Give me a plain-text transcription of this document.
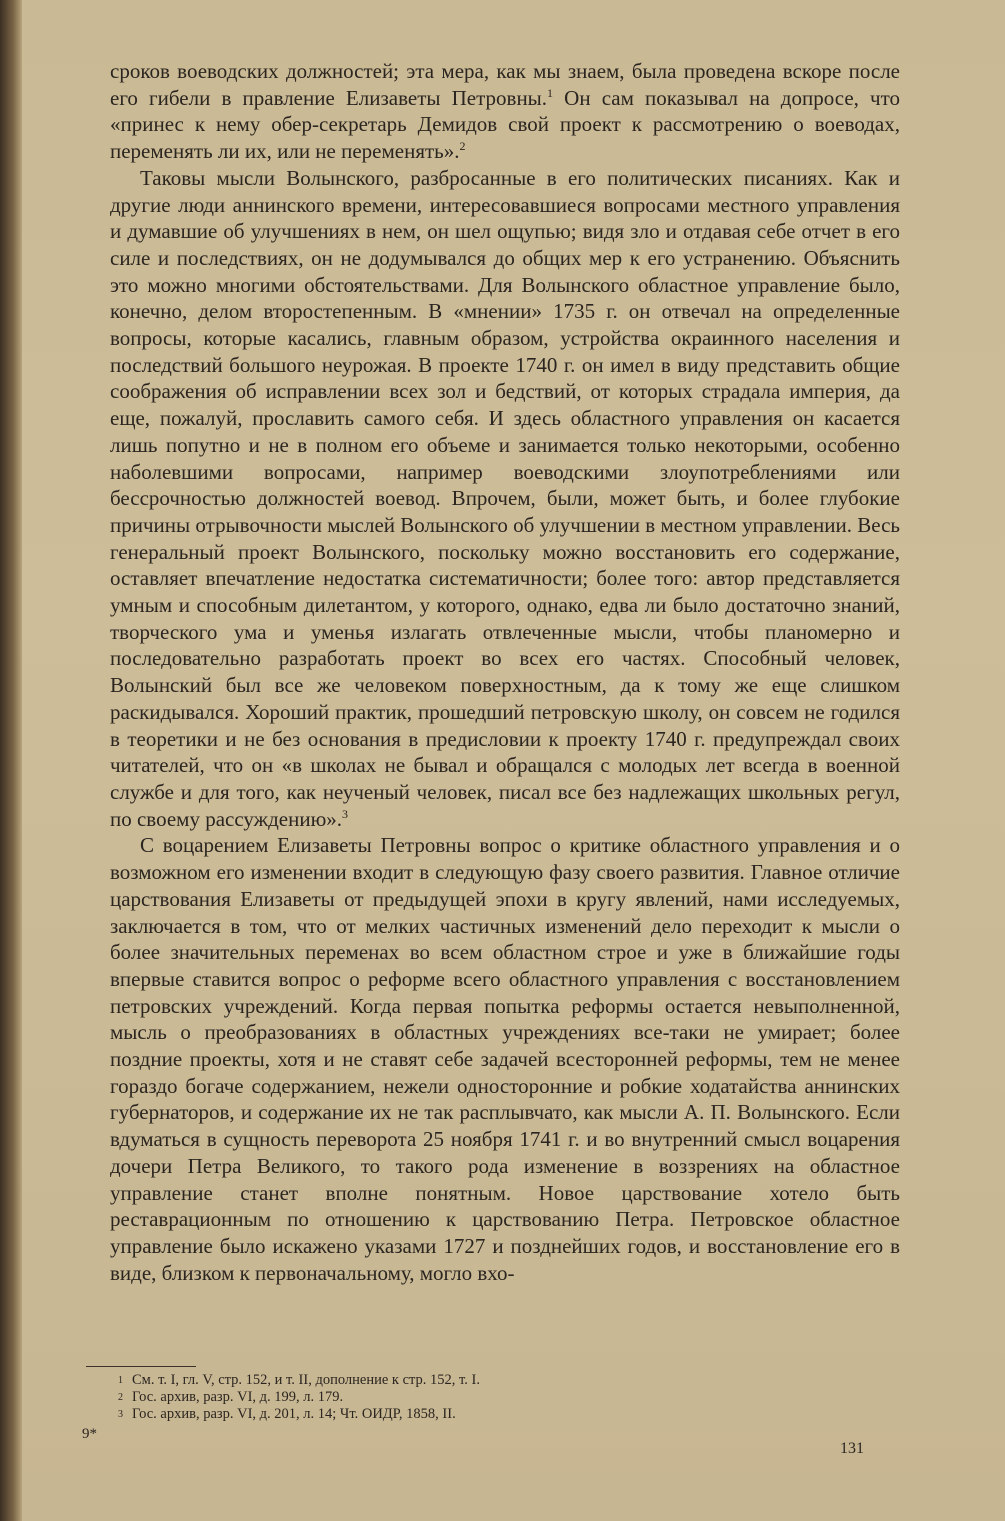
сроков воеводских должностей; эта мера, как мы знаем, была проведена вскоре после его гибели в правление Елизаветы Петровны.$^1$ Он сам показывал на допросе, что «принес к нему обер-секретарь Демидов свой проект к рассмотрению о воеводах, переменять ли их, или не переменять».$^2$

Таковы мысли Волынского, разбросанные в его политических писаниях. Как и другие люди аннинского времени, интересовавшиеся вопросами местного управления и думавшие об улучшениях в нем, он шел ощупью; видя зло и отдавая себе отчет в его силе и последствиях, он не додумывался до общих мер к его устранению. Объяснить это можно многими обстоятельствами. Для Волынского областное управление было, конечно, делом второстепенным. В «мнении» 1735 г. он отвечал на определенные вопросы, которые касались, главным образом, устройства окраинного населения и последствий большого неурожая. В проекте 1740 г. он имел в виду представить общие соображения об исправлении всех зол и бедствий, от которых страдала империя, да еще, пожалуй, прославить самого себя. И здесь областного управления он касается лишь попутно и не в полном его объеме и занимается только некоторыми, особенно наболевшими вопросами, например воеводскими злоупотреблениями или бессрочностью должностей воевод. Впрочем, были, может быть, и более глубокие причины отрывочности мыслей Волынского об улучшении в местном управлении. Весь генеральный проект Волынского, поскольку можно восстановить его содержание, оставляет впечатление недостатка систематичности; более того: автор представляется умным и способным дилетантом, у которого, однако, едва ли было достаточно знаний, творческого ума и уменья излагать отвлеченные мысли, чтобы планомерно и последовательно разработать проект во всех его частях. Способный человек, Волынский был все же человеком поверхностным, да к тому же еще слишком раскидывался. Хороший практик, прошедший петровскую школу, он совсем не годился в теоретики и не без основания в предисловии к проекту 1740 г. предупреждал своих читателей, что он «в школах не бывал и обращался с молодых лет всегда в военной службе и для того, как неученый человек, писал все без надлежащих школьных регул, по своему рассуждению».$^3$

С воцарением Елизаветы Петровны вопрос о критике областного управления и о возможном его изменении входит в следующую фазу своего развития. Главное отличие царствования Елизаветы от предыдущей эпохи в кругу явлений, нами исследуемых, заключается в том, что от мелких частичных изменений дело переходит к мысли о более значительных переменах во всем областном строе и уже в ближайшие годы впервые ставится вопрос о реформе всего областного управления с восстановлением петровских учреждений. Когда первая попытка реформы остается невыполненной, мысль о преобразованиях в областных учреждениях все-таки не умирает; более поздние проекты, хотя и не ставят себе задачей всесторонней реформы, тем не менее гораздо богаче содержанием, нежели односторонние и робкие ходатайства аннинских губернаторов, и содержание их не так расплывчато, как мысли А. П. Волынского. Если вдуматься в сущность переворота 25 ноября 1741 г. и во внутренний смысл воцарения дочери Петра Великого, то такого рода изменение в воззрениях на областное управление станет вполне понятным. Новое царствование хотело быть реставрационным по отношению к царствованию Петра. Петровское областное управление было искажено указами 1727 и позднейших годов, и восстановление его в виде, близком к первоначальному, могло вхо-

1 См. т. I, гл. V, стр. 152, и т. II, дополнение к стр. 152, т. I.
2 Гос. архив, разр. VI, д. 199, л. 179.
3 Гос. архив, разр. VI, д. 201, л. 14; Чт. ОИДР, 1858, II.
9*
131
